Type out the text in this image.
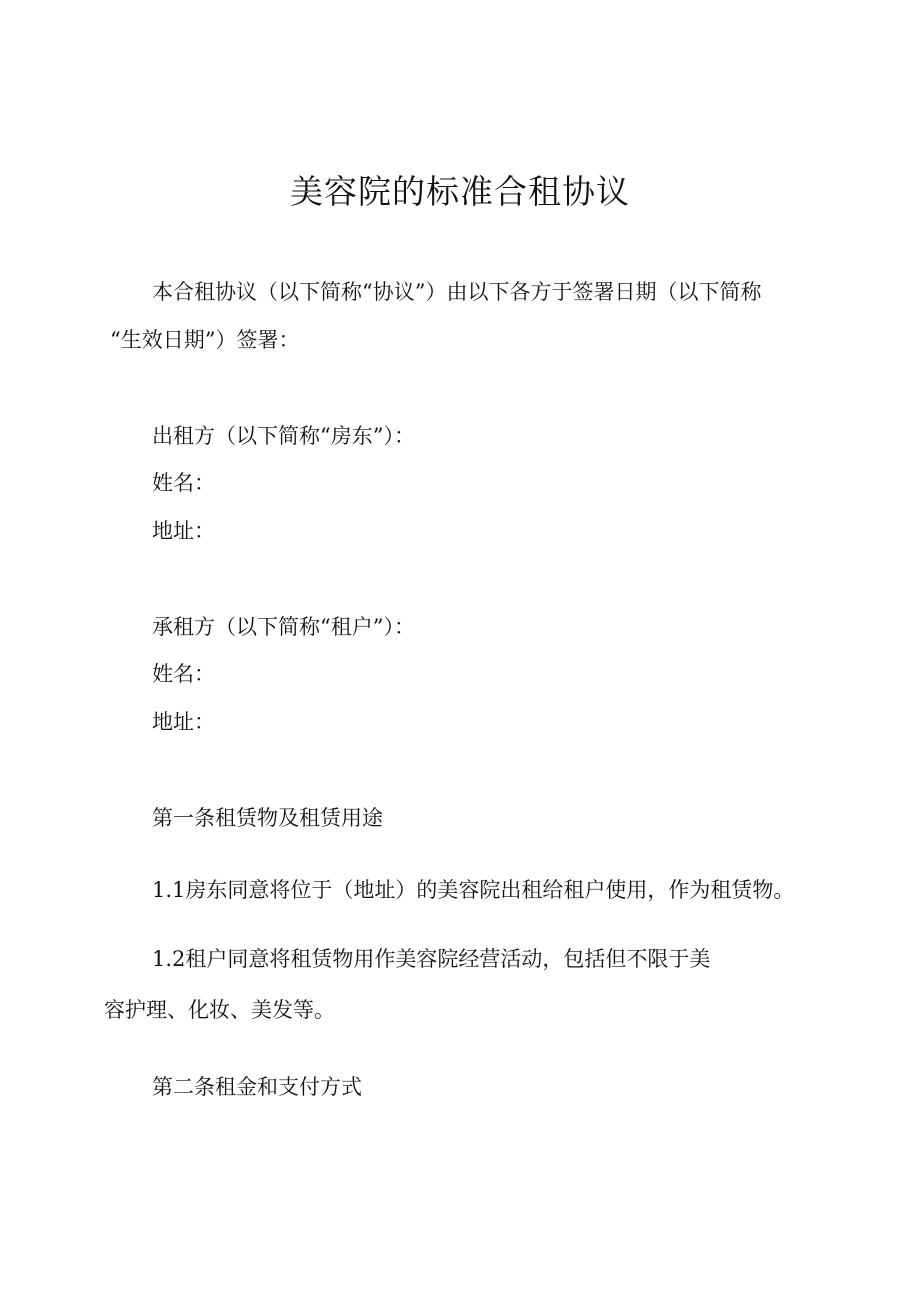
美容院的标准合租协议
本合租协议（以下简称“协议”）由以下各方于签署日期（以下简称
“生效日期”）签署：
出租方（以下简称“房东”）：
姓名：
地址：
承租方（以下简称“租户”）：
姓名：
地址：
第一条租赁物及租赁用途
1.1房东同意将位于（地址）的美容院出租给租户使用，作为租赁物。
1.2租户同意将租赁物用作美容院经营活动，包括但不限于美
容护理、化妆、美发等。
第二条租金和支付方式
